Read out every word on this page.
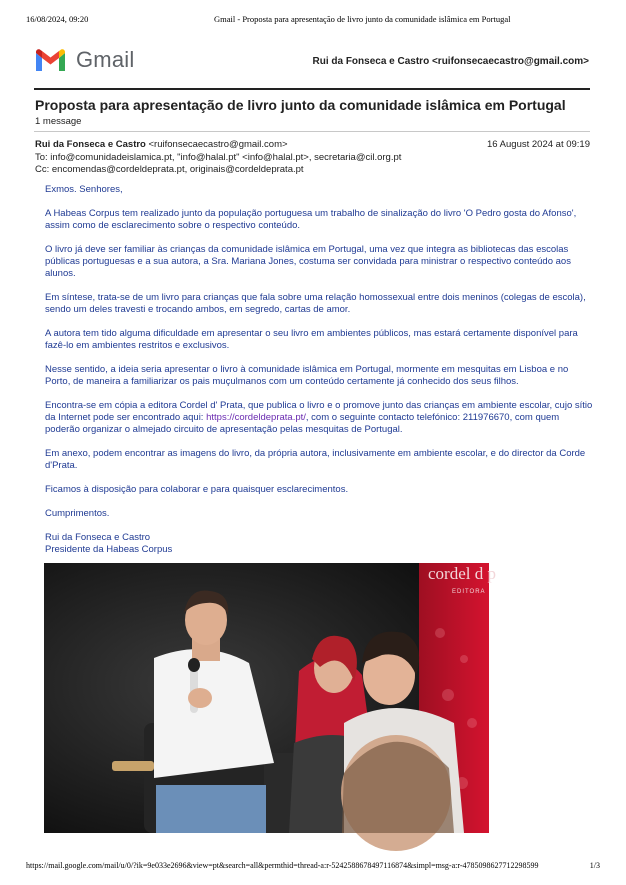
16/08/2024, 09:20	Gmail - Proposta para apresentação de livro junto da comunidade islâmica em Portugal
Gmail	Rui da Fonseca e Castro <ruifonsecaecastro@gmail.com>
Proposta para apresentação de livro junto da comunidade islâmica em Portugal
1 message
Rui da Fonseca e Castro <ruifonsecaecastro@gmail.com>	16 August 2024 at 09:19
To: info@comunidadeislamica.pt, "info@halal.pt" <info@halal.pt>, secretaria@cil.org.pt
Cc: encomendas@cordeldeprata.pt, originais@cordeldeprata.pt

Exmos. Senhores,

A Habeas Corpus tem realizado junto da população portuguesa um trabalho de sinalização do livro 'O Pedro gosta do Afonso', assim como de esclarecimento sobre o respectivo conteúdo.

O livro já deve ser familiar às crianças da comunidade islâmica em Portugal, uma vez que integra as bibliotecas das escolas públicas portuguesas e a sua autora, a Sra. Mariana Jones, costuma ser convidada para ministrar o respectivo conteúdo aos alunos.

Em síntese, trata-se de um livro para crianças que fala sobre uma relação homossexual entre dois meninos (colegas de escola), sendo um deles travesti e trocando ambos, em segredo, cartas de amor.

A autora tem tido alguma dificuldade em apresentar o seu livro em ambientes públicos, mas estará certamente disponível para fazê-lo em ambientes restritos e exclusivos.

Nesse sentido, a ideia seria apresentar o livro à comunidade islâmica em Portugal, mormente em mesquitas em Lisboa e no Porto, de maneira a familiarizar os pais muçulmanos com um conteúdo certamente já conhecido dos seus filhos.

Encontra-se em cópia a editora Cordel d' Prata, que publica o livro e o promove junto das crianças em ambiente escolar, cujo sítio da Internet pode ser encontrado aqui: https://cordeldeprata.pt/, com o seguinte contacto telefónico: 211976670, com quem poderão organizar o almejado circuito de apresentação pelas mesquitas de Portugal.

Em anexo, podem encontrar as imagens do livro, da própria autora, inclusivamente em ambiente escolar, e do director da Corde d'Prata.

Ficamos à disposição para colaborar e para quaisquer esclarecimentos.

Cumprimentos.

Rui da Fonseca e Castro
Presidente da Habeas Corpus
cordel d p
EDITORA
https://mail.google.com/mail/u/0/?ik=9e033e2696&view=pt&search=all&permthid=thread-a:r-5242588678497116874&simpl=msg-a:r-4785098627712298599	1/3
